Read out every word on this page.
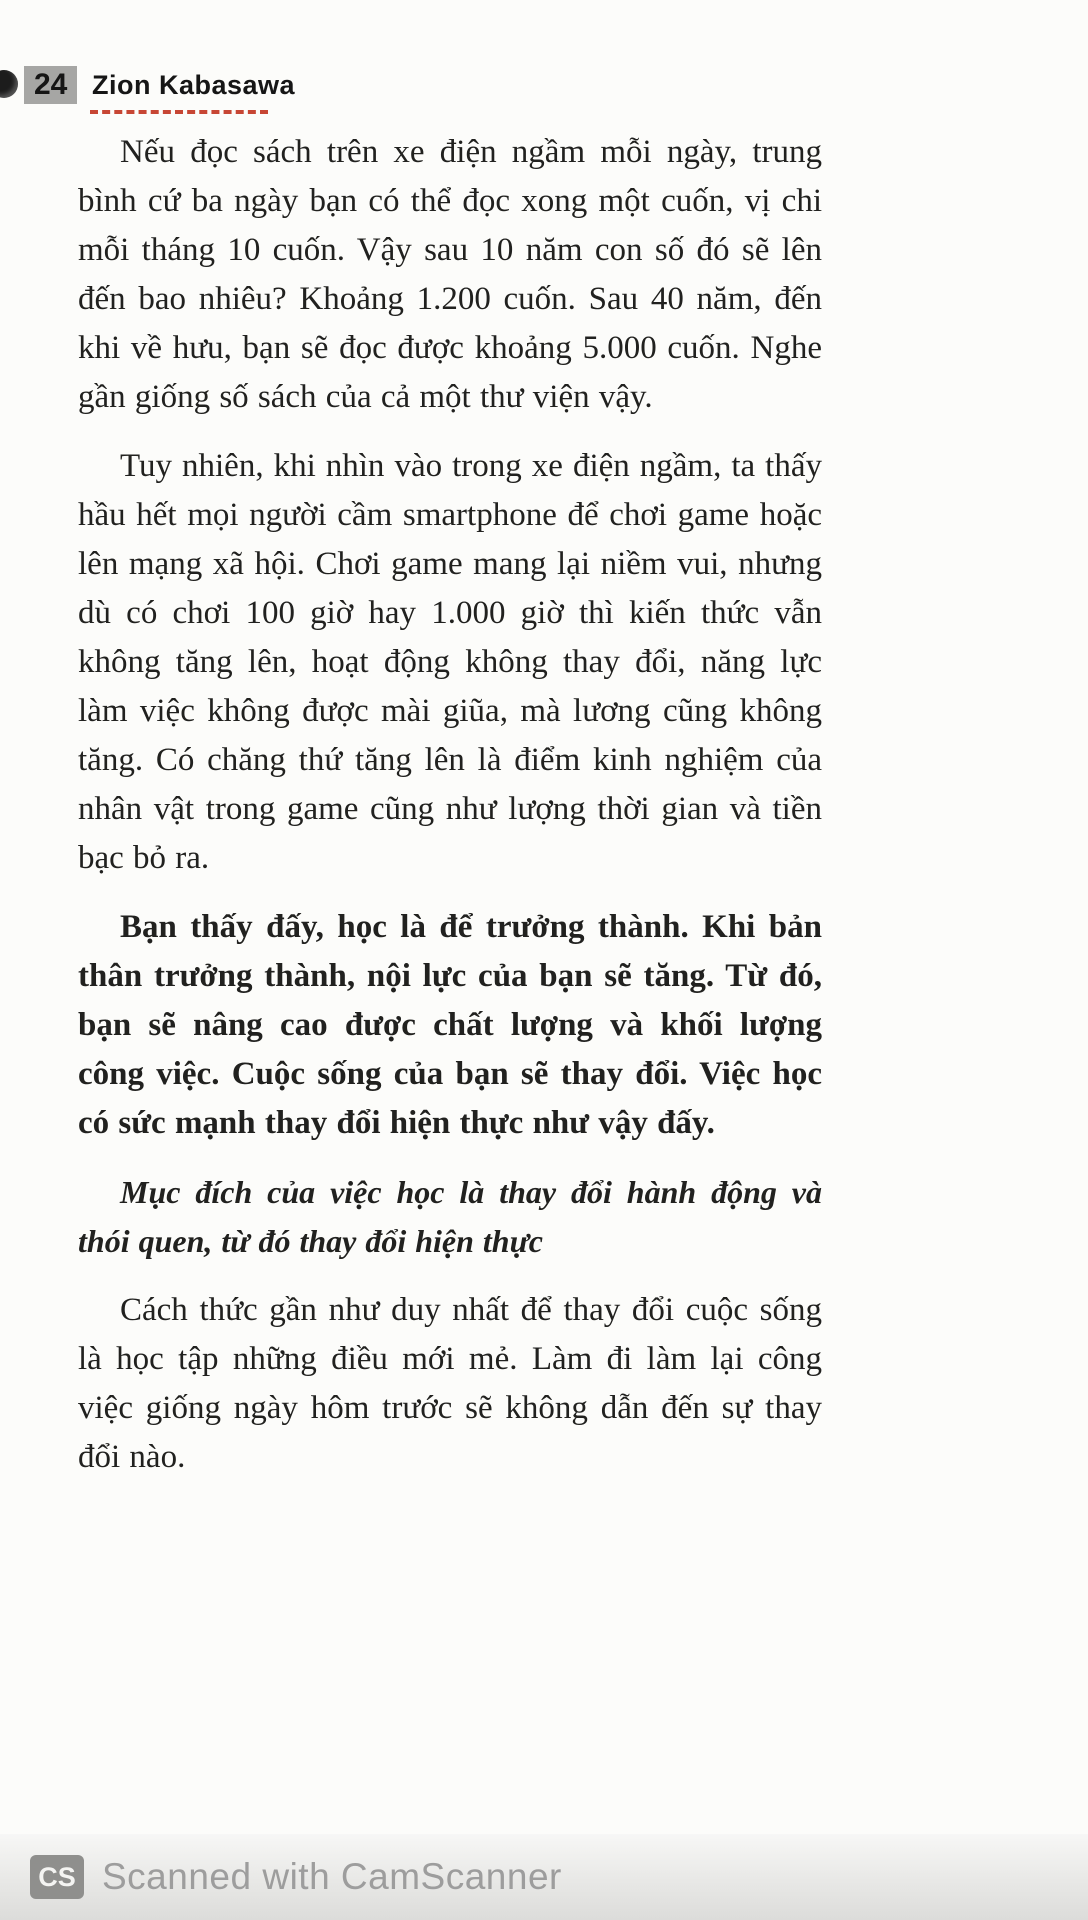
24 Zion Kabasawa

Nếu đọc sách trên xe điện ngầm mỗi ngày, trung bình cứ ba ngày bạn có thể đọc xong một cuốn, vị chi mỗi tháng 10 cuốn. Vậy sau 10 năm con số đó sẽ lên đến bao nhiêu? Khoảng 1.200 cuốn. Sau 40 năm, đến khi về hưu, bạn sẽ đọc được khoảng 5.000 cuốn. Nghe gần giống số sách của cả một thư viện vậy.

Tuy nhiên, khi nhìn vào trong xe điện ngầm, ta thấy hầu hết mọi người cầm smartphone để chơi game hoặc lên mạng xã hội. Chơi game mang lại niềm vui, nhưng dù có chơi 100 giờ hay 1.000 giờ thì kiến thức vẫn không tăng lên, hoạt động không thay đổi, năng lực làm việc không được mài giũa, mà lương cũng không tăng. Có chăng thứ tăng lên là điểm kinh nghiệm của nhân vật trong game cũng như lượng thời gian và tiền bạc bỏ ra.

Bạn thấy đấy, học là để trưởng thành. Khi bản thân trưởng thành, nội lực của bạn sẽ tăng. Từ đó, bạn sẽ nâng cao được chất lượng và khối lượng công việc. Cuộc sống của bạn sẽ thay đổi. Việc học có sức mạnh thay đổi hiện thực như vậy đấy.

Mục đích của việc học là thay đổi hành động và thói quen, từ đó thay đổi hiện thực

Cách thức gần như duy nhất để thay đổi cuộc sống là học tập những điều mới mẻ. Làm đi làm lại công việc giống ngày hôm trước sẽ không dẫn đến sự thay đổi nào.

CS Scanned with CamScanner
